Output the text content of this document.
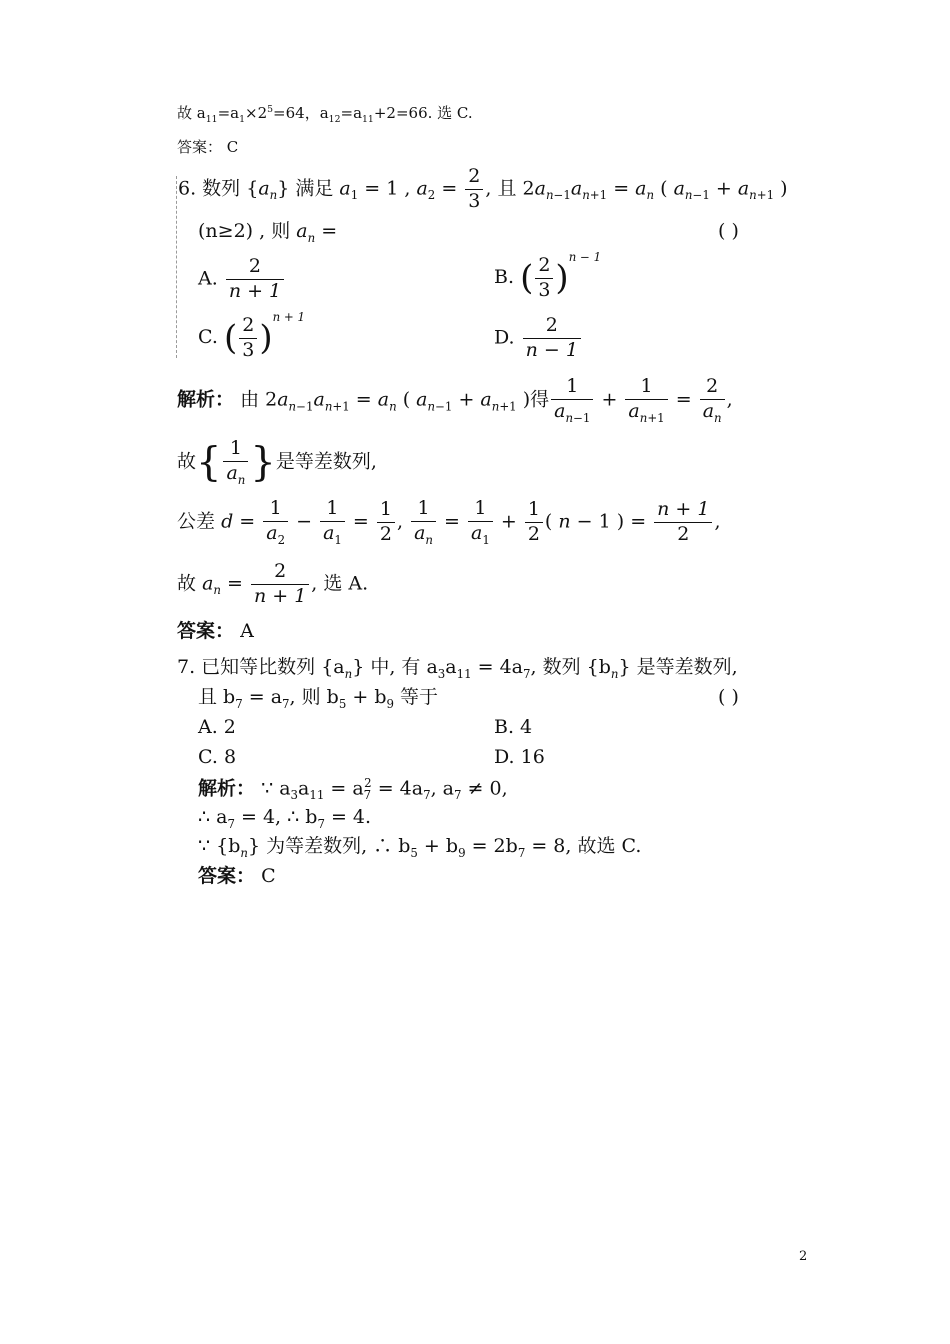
故 $a_{11}=a_1\times 2^5=64$，$a_{12}=a_{11}+2=66$. 选 C.
答案： C
6. 数列 $\{a_n\}$ 满足 $a_1 = 1$ , $a_2 = \frac{2}{3}$ , 且 $2a_{n-1}a_{n+1} = a_n$ ( $a_{n-1} + a_{n+1}$ )
(n≥2) , 则 $a_n$ =	( )
A. $\frac{2}{n + 1}$	B. ( $\frac{2}{3} )^{n - 1}$
C. ( $\frac{2}{3} )^{n + 1}$
D. $\frac{2}{n - 1}$
解析： 由 $2a_{n-1}a_{n+1} = a_n$ ( $a_{n-1} + a_{n+1}$ )得 $\frac{1}{a_{n-1}} + \frac{1}{a_{n+1}} = \frac{2}{a_n}$ ,
故{ $\frac{1}{a_n}$ }是等差数列,
公差 $d = \frac{1}{a_2} - \frac{1}{a_1} = \frac{1}{2}$ , $\frac{1}{a_n} = \frac{1}{a_1} + \frac{1}{2}$ ( n − 1 ) = $\frac{n + 1}{2}$ ,
故 $a_n = \frac{2}{n + 1}$ , 选 A.
答案： A
7. 已知等比数列 $\{a_n\}$ 中, 有 $a_3a_{11} = 4a_7$, 数列 $\{b_n\}$ 是等差数列,
且 $b_7 = a_7$, 则 $b_5 + b_9$ 等于	( )
A. 2	B. 4
C. 8	D. 16
解析： ∵ $a_3a_{11} = a_7^2 = 4a_7$, $a_7 \ne 0$,
∴ $a_7 = 4$, ∴ $b_7 = 4$.
∵ $\{b_n\}$ 为等差数列, ∴ $b_5 + b_9 = 2b_7 = 8$, 故选 C.
答案： C
2
